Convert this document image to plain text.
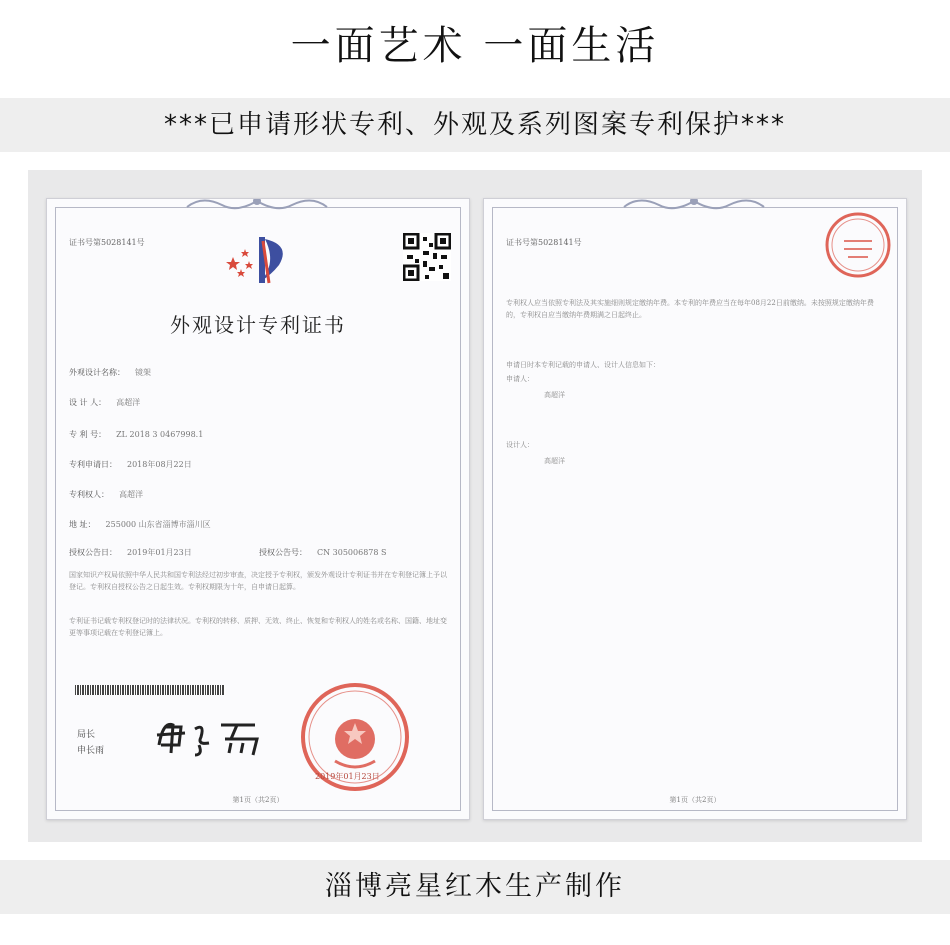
一面艺术 一面生活
***已申请形状专利、外观及系列图案专利保护***
证书号第5028141号
外观设计专利证书
外观设计名称： 镜架
设 计 人： 高超洋
专 利 号： ZL 2018 3 0467998.1
专利申请日： 2018年08月22日
专利权人： 高超洋
地 址： 255000 山东省淄博市淄川区
授权公告日： 2019年01月23日	授权公告号： CN 305006878 S
国家知识产权局依照中华人民共和国专利法经过初步审查，决定授予专利权，颁发外观设计专利证书并在专利登记簿上予以登记。专利权自授权公告之日起生效。专利权期限为十年，自申请日起算。
专利证书记载专利权登记时的法律状况。专利权的转移、质押、无效、终止、恢复和专利权人的姓名或名称、国籍、地址变更等事项记载在专利登记簿上。
局长
申长雨
2019年01月23日
第1页（共2页）
证书号第5028141号
专利权人应当依照专利法及其实施细则规定缴纳年费。本专利的年费应当在每年08月22日前缴纳。未按照规定缴纳年费的，专利权自应当缴纳年费期满之日起终止。
申请日时本专利记载的申请人、设计人信息如下：
申请人：
高超洋
设计人：
高超洋
第1页（共2页）
淄博亮星红木生产制作
